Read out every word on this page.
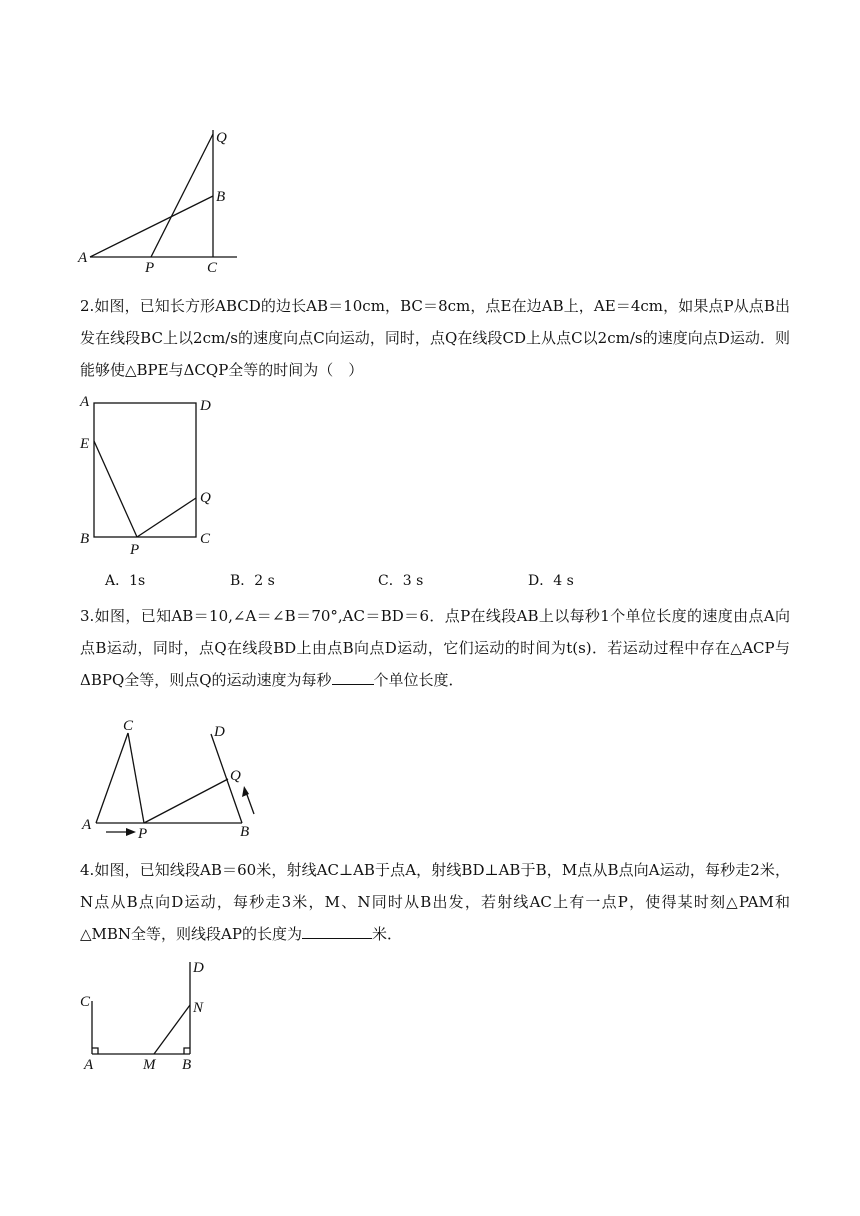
Q
B
A
P	C

2.如图，已知长方形ABCD的边长AB＝10cm，BC＝8cm，点E在边AB上，AE＝4cm，如果点P从点B出发在线段BC上以2cm/s的速度向点C向运动，同时，点Q在线段CD上从点C以2cm/s的速度向点D运动．则能够使△BPE与ΔCQP全等的时间为（　）

A	D
E
Q
B
P
C
A．1s	B．2 s	C．3 s	D．4 s

3.如图，已知AB＝10,∠A＝∠B＝70°,AC＝BD＝6．点P在线段AB上以每秒1个单位长度的速度由点A向点B运动，同时，点Q在线段BD上由点B向点D运动，它们运动的时间为t(s)．若运动过程中存在△ACP与ΔBPQ全等，则点Q的运动速度为每秒	个单位长度．

C	D
Q
A
P	B

4.如图，已知线段AB＝60米，射线AC⊥AB于点A，射线BD⊥AB于B，M点从B点向A运动，每秒走2米，N点从B点向D运动，每秒走3米，M、N同时从B出发，若射线AC上有一点P，使得某时刻△PAM和△MBN全等，则线段AP的长度为	米．

D
C	N
A	M B
